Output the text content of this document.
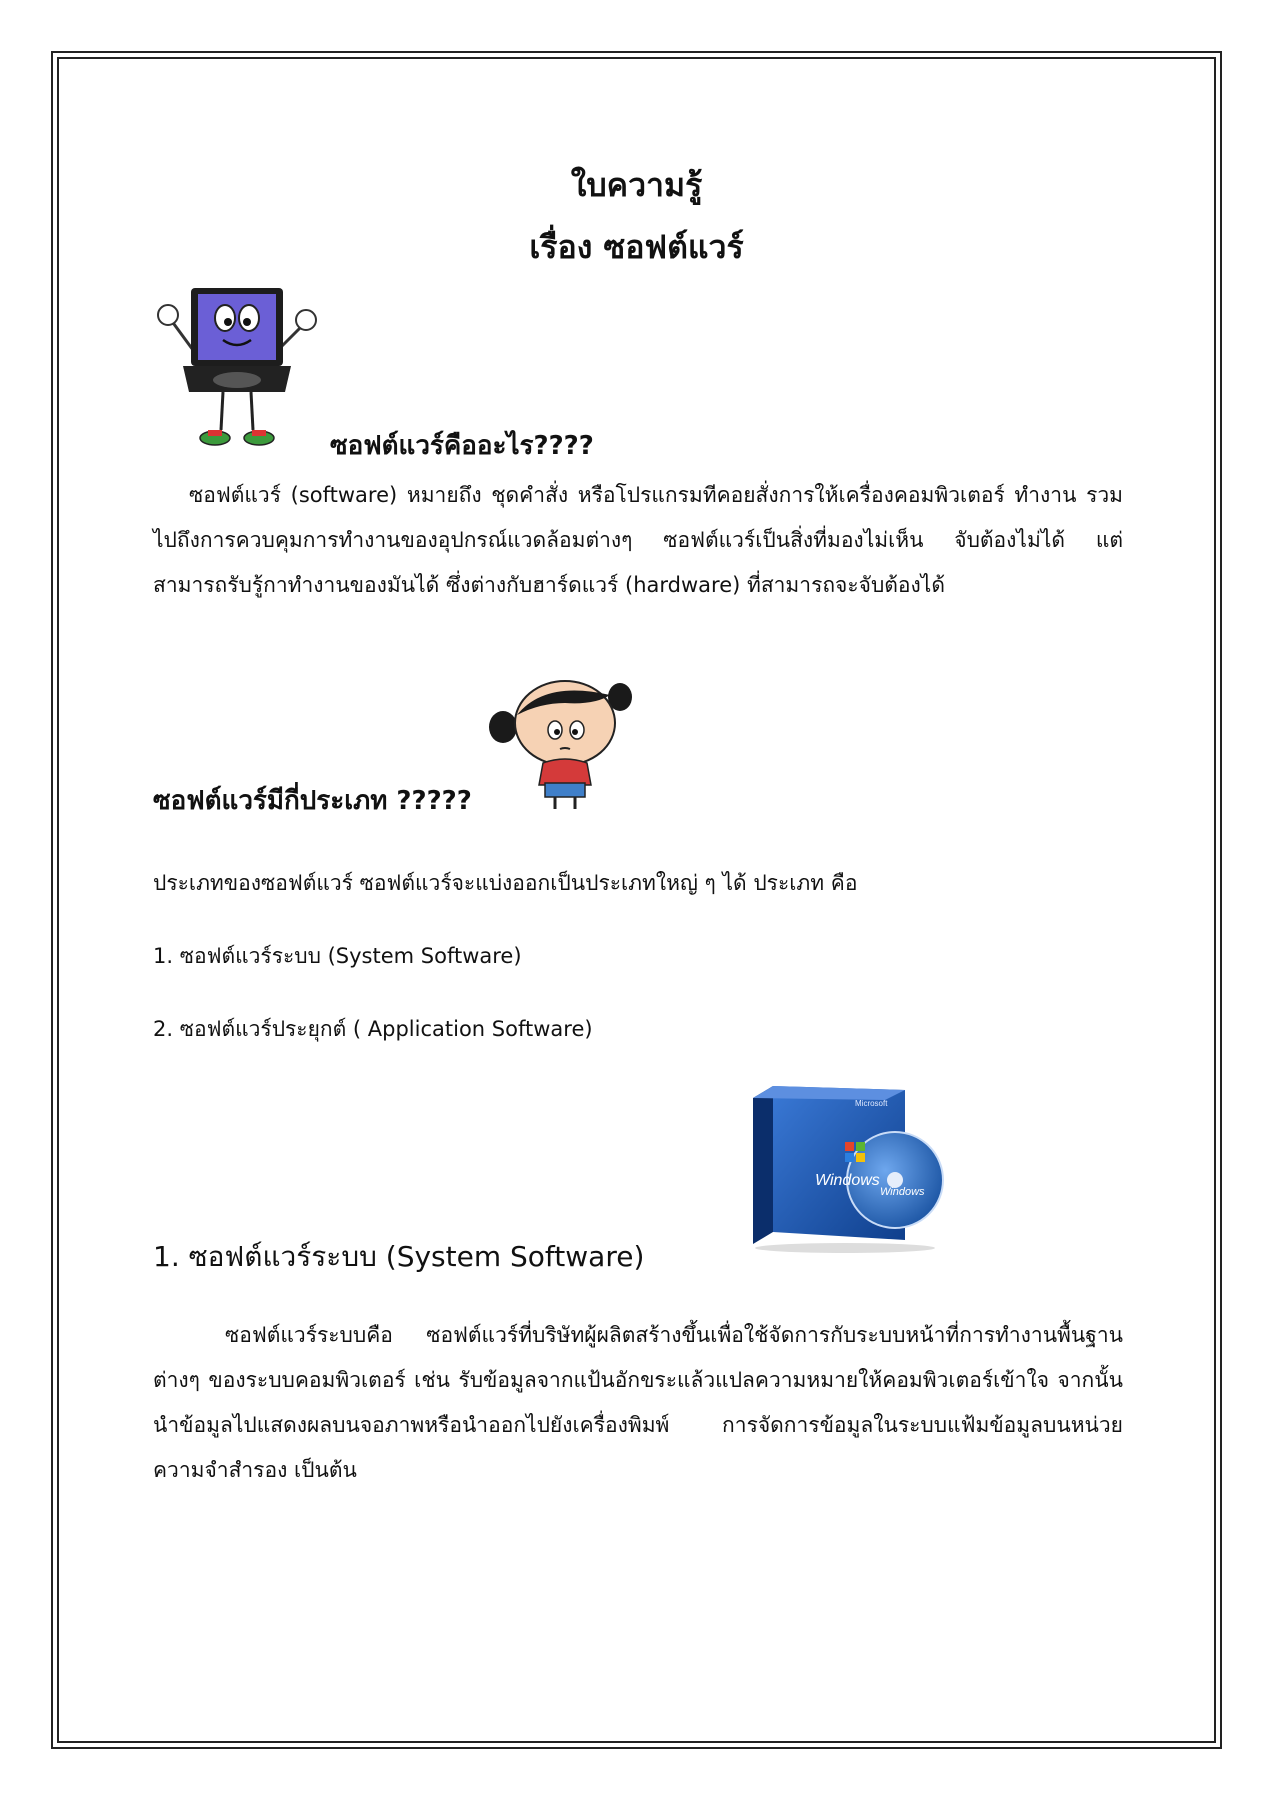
ใบความรู้
เรื่อง ซอฟต์แวร์
ซอฟต์แวร์คืออะไร????
ซอฟต์แวร์ (software) หมายถึง ชุดคำสั่ง หรือโปรแกรมทีคอยสั่งการให้เครื่องคอมพิวเตอร์ ทำงาน รวมไปถึงการควบคุมการทำงานของอุปกรณ์แวดล้อมต่างๆ ซอฟต์แวร์เป็นสิ่งที่มองไม่เห็น จับต้องไม่ได้ แต่สามารถรับรู้กาทำงานของมันได้ ซึ่งต่างกับฮาร์ดแวร์ (hardware) ที่สามารถจะจับต้องได้
ซอฟต์แวร์มีกี่ประเภท ?????
ประเภทของซอฟต์แวร์ ซอฟต์แวร์จะแบ่งออกเป็นประเภทใหญ่ ๆ ได้ ประเภท คือ
1. ซอฟต์แวร์ระบบ (System Software)
2. ซอฟต์แวร์ประยุกต์ ( Application Software)
Microsoft
Windows
Windows
1. ซอฟต์แวร์ระบบ (System Software)
ซอฟต์แวร์ระบบคือ ซอฟต์แวร์ที่บริษัทผู้ผลิตสร้างขึ้นเพื่อใช้จัดการกับระบบหน้าที่การทำงานพื้นฐานต่างๆ ของระบบคอมพิวเตอร์ เช่น รับข้อมูลจากแป้นอักขระแล้วแปลความหมายให้คอมพิวเตอร์เข้าใจ จากนั้นนำข้อมูลไปแสดงผลบนจอภาพหรือนำออกไปยังเครื่องพิมพ์ การจัดการข้อมูลในระบบแฟ้มข้อมูลบนหน่วยความจำสำรอง เป็นต้น
